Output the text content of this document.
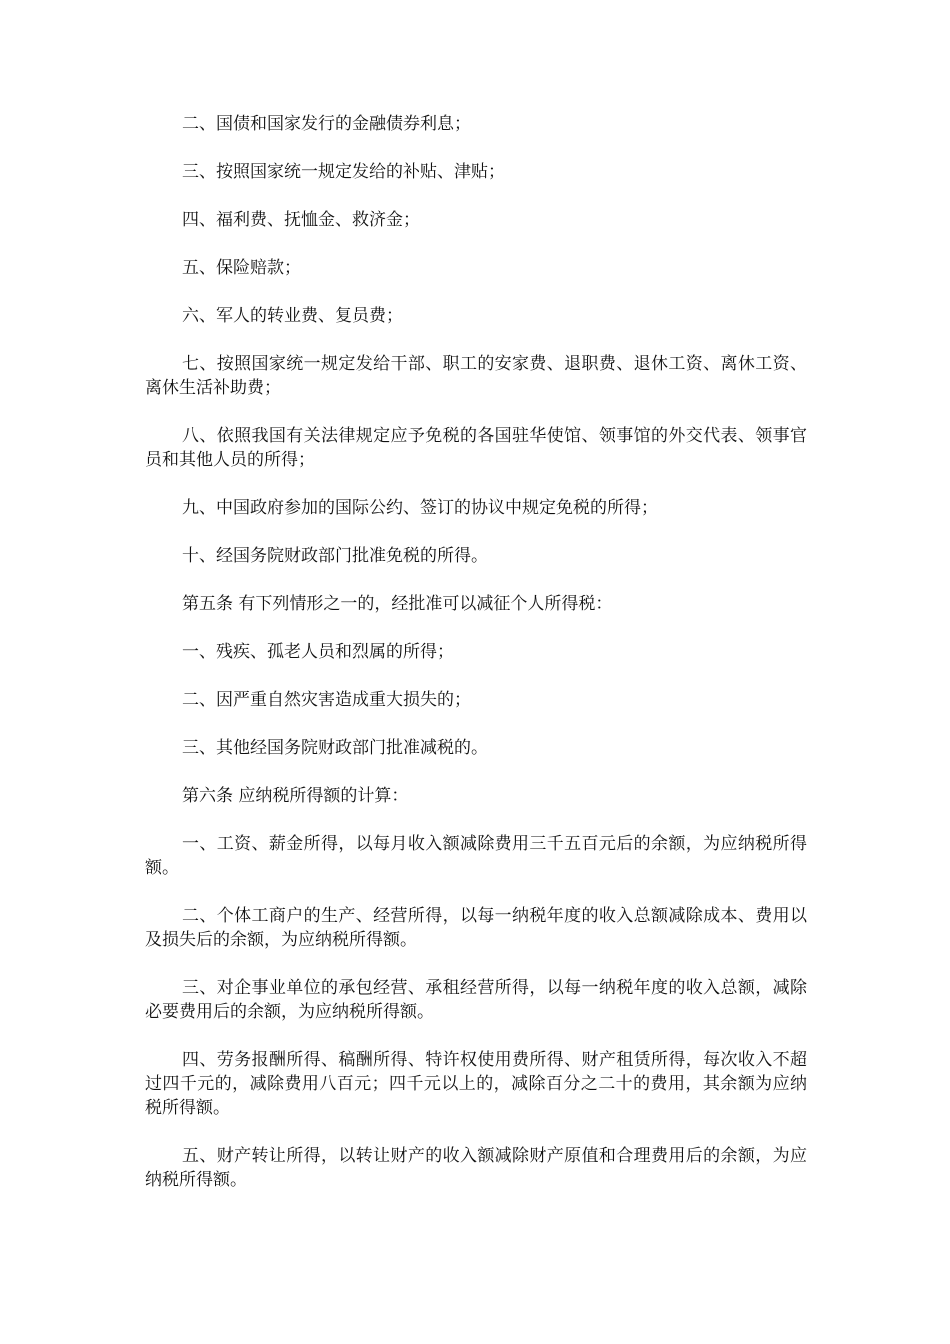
二、国债和国家发行的金融债券利息；

三、按照国家统一规定发给的补贴、津贴；

四、福利费、抚恤金、救济金；

五、保险赔款；

六、军人的转业费、复员费；

七、按照国家统一规定发给干部、职工的安家费、退职费、退休工资、离休工资、离休生活补助费；

八、依照我国有关法律规定应予免税的各国驻华使馆、领事馆的外交代表、领事官员和其他人员的所得；

九、中国政府参加的国际公约、签订的协议中规定免税的所得；

十、经国务院财政部门批准免税的所得。

第五条 有下列情形之一的，经批准可以减征个人所得税：

一、残疾、孤老人员和烈属的所得；

二、因严重自然灾害造成重大损失的；

三、其他经国务院财政部门批准减税的。

第六条 应纳税所得额的计算：

一、工资、薪金所得，以每月收入额减除费用三千五百元后的余额，为应纳税所得额。

二、个体工商户的生产、经营所得，以每一纳税年度的收入总额减除成本、费用以及损失后的余额，为应纳税所得额。

三、对企事业单位的承包经营、承租经营所得，以每一纳税年度的收入总额，减除必要费用后的余额，为应纳税所得额。

四、劳务报酬所得、稿酬所得、特许权使用费所得、财产租赁所得，每次收入不超过四千元的，减除费用八百元；四千元以上的，减除百分之二十的费用，其余额为应纳税所得额。

五、财产转让所得，以转让财产的收入额减除财产原值和合理费用后的余额，为应纳税所得额。
